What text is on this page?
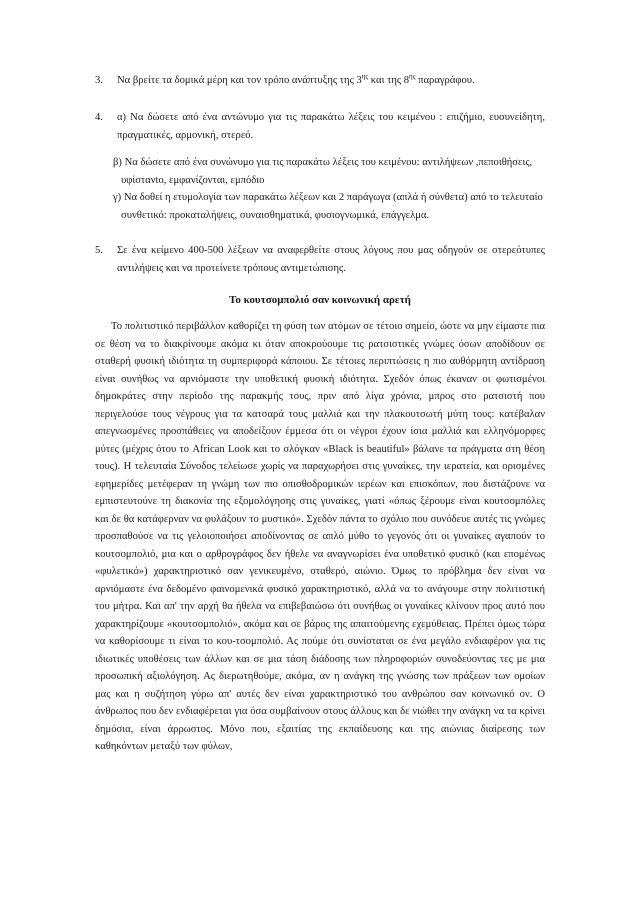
3. Να βρείτε τα δομικά μέρη και τον τρόπο ανάπτυξης της $3^{\eta\varsigma}$ και της $8^{\eta\varsigma}$ παραγράφου.
4. α) Να δώσετε από ένα αντώνυμο για τις παρακάτω λέξεις του κειμένου : επιζήμιο, ευσυνείδητη, πραγματικές, αρμονική, στερεό.

β) Να δώσετε από ένα συνώνυμο για τις παρακάτω λέξεις του κειμένου: αντιλήψεων ,πεποιθήσεις, υφίστανto, εμφανίζονται, εμπόδιο

γ) Να δοθεί η ετυμολογία των παρακάτω λέξεων και 2 παράγωγα (απλά ή σύνθετα) από το τελευταίο συνθετικό: προκαταλήψεις, συναισθηματικά, φυσιογνωμικά, επάγγελμα.

5. Σε ένα κείμενο 400-500 λέξεων να αναφερθείτε στους λόγους που μας οδηγούν σε στερεότυπες αντιλήψεις και να προτείνετε τρόπους αντιμετώπισης.
Το κουτσομπολιό σαν κοινωνική αρετή

Το πολιτιστικό περιβάλλον καθορίζει τη φύση των ατόμων σε τέτοιο σημείο, ώστε να μην είμαστε πια σε θέση να το διακρίνουμε ακόμα κι όταν αποκρούουμε τις ρατσιστικές γνώμες όσων αποδίδουν σε σταθερή φυσική ιδιότητα τη συμπεριφορά κάποιου. Σε τέτοιες περιπτώσεις η πιο αυθόρμητη αντίδραση είναι συνήθως να αρνιόμαστε την υποθετική φυσική ιδιότητα. Σχεδόν όπως έκαναν οι φωτισμένοι δημοκράτες στην περίοδο της παρακμής τους, πριν από λίγα χρόνια, μπρος στο ρατσιστή που περιγελούσε τους νέγρους για τα κατσαρά τους μαλλιά και την πλακουτσωτή μύτη τους: κατέβαλαν απεγνωσμένες προσπάθειες να αποδείξουν έμμεσα ότι οι νέγροι έχουν ίσια μαλλιά και ελληνόμορφες μύτες (μέχρις ότου το African Look και το σλόγκαν «Black is beautiful» βάλανε τα πράγματα στη θέση τους). Η τελευταία Σύνοδος τελείωσε χωρίς να παραχωρήσει στις γυναίκες, την ιερατεία, και ορισμένες εφημερίδες μετέφεραν τη γνώμη των πιο οπισθοδρομικών ιερέων και επισκόπων, που διστάζουνε να εμπιστευτούνε τη διακονία της εξομολόγησης στις γυναίκες, γιατί «όπως ξέρουμε είναι κουτσομπόλες και δε θα κατάφερναν να φυλάξουν το μυστικό». Σχεδόν πάντα το σχόλιο που συνόδευε αυτές τις γνώμες προσπαθούσε να τις γελοιοποιήσει αποδίνοντας σε απλό μύθο το γεγονός ότι οι γυναίκες αγαπούν το κουτσομπολιό, μια και ο αρθρογράφος δεν ήθελε να αναγνωρίσει ένα υποθετικό φυσικό (και επομένως «φυλετικό») χαρακτηριστικό σαν γενικευμένο, σταθερό, αιώνιο. Όμως το πρόβλημα δεν είναι να αρνιόμαστε ένα δεδομένο φαινομενικά φυσικό χαρακτηριστικό, αλλά να το ανάγουμε στην πολιτιστική του μήτρα. Και απ' την αρχή θα ήθελα να επιβεβαιώσω ότι συνήθως οι γυναίκες κλίνουν προς αυτό που χαρακτηρίζουμε «κουτσομπολιό», ακόμα και σε βάρος της απαιτούμενης εχεμύθειας. Πρέπει όμως τώρα να καθορίσουμε τι είναι το κου-τσομπολιό. Ας πούμε ότι συνίσταται σε ένα μεγάλο ενδιαφέρον για τις ιδιωτικές υποθέσεις των άλλων και σε μια τάση διάδοσης των πληροφοριών συνοδεύοντας τες με μια προσωπική αξιολόγηση. Ας διερωτηθούμε, ακόμα, αν η ανάγκη της γνώσης των πράξεων των ομοίων μας και η συζήτηση γύρω απ' αυτές δεν είναι χαρακτηριστικό του ανθρώπου σαν κοινωνικό ον. Ο άνθρωπος που δεν ενδιαφέρεται για όσα συμβαίνουν στους άλλους και δε νιώθει την ανάγκη να τα κρίνει δημόσια, είναι άρρωστος. Μόνο που, εξαιτίας της εκπαίδευσης και της αιώνιας διαίρεσης των καθηκόντων μεταξύ των φύλων,
